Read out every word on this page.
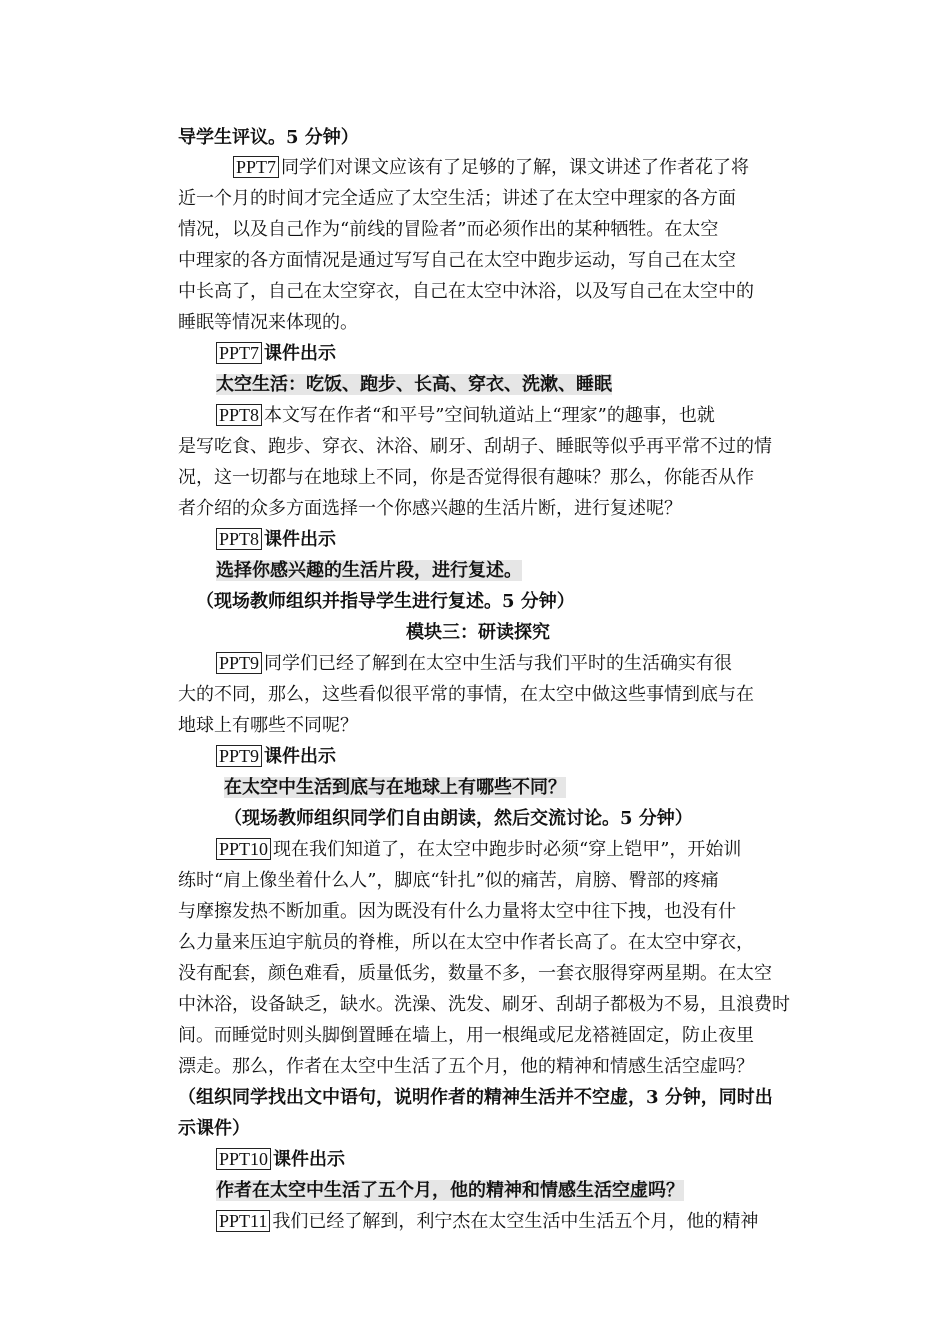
导学生评议。5 分钟）
PPT7 同学们对课文应该有了足够的了解，课文讲述了作者花了将
近一个月的时间才完全适应了太空生活；讲述了在太空中理家的各方面
情况，以及自己作为“前线的冒险者”而必须作出的某种牺牲。在太空
中理家的各方面情况是通过写写自己在太空中跑步运动，写自己在太空
中长高了，自己在太空穿衣，自己在太空中沐浴，以及写自己在太空中的
睡眠等情况来体现的。
PPT7 课件出示
太空生活：吃饭、跑步、长高、穿衣、洗漱、睡眠
PPT8 本文写在作者“和平号”空间轨道站上“理家”的趣事，也就
是写吃食、跑步、穿衣、沐浴、刷牙、刮胡子、睡眠等似乎再平常不过的情
况，这一切都与在地球上不同，你是否觉得很有趣味？那么，你能否从作
者介绍的众多方面选择一个你感兴趣的生活片断，进行复述呢？
PPT8 课件出示
选择你感兴趣的生活片段，进行复述。
（现场教师组织并指导学生进行复述。5 分钟）
模块三：研读探究
PPT9 同学们已经了解到在太空中生活与我们平时的生活确实有很
大的不同，那么，这些看似很平常的事情，在太空中做这些事情到底与在
地球上有哪些不同呢？
PPT9 课件出示
在太空中生活到底与在地球上有哪些不同？
（现场教师组织同学们自由朗读，然后交流讨论。5 分钟）
PPT10 现在我们知道了，在太空中跑步时必须“穿上铠甲”，开始训
练时“肩上像坐着什么人”，脚底“针扎”似的痛苦，肩膀、臀部的疼痛
与摩擦发热不断加重。因为既没有什么力量将太空中往下拽，也没有什
么力量来压迫宇航员的脊椎，所以在太空中作者长高了。在太空中穿衣，
没有配套，颜色难看，质量低劣，数量不多，一套衣服得穿两星期。在太空
中沐浴，设备缺乏，缺水。洗澡、洗发、刷牙、刮胡子都极为不易，且浪费时
间。而睡觉时则头脚倒置睡在墙上，用一根绳或尼龙褡裢固定，防止夜里
漂走。那么，作者在太空中生活了五个月，他的精神和情感生活空虚吗？
（组织同学找出文中语句，说明作者的精神生活并不空虚，3 分钟，同时出
示课件）
PPT10 课件出示
作者在太空中生活了五个月，他的精神和情感生活空虚吗？
PPT11 我们已经了解到，利宁杰在太空生活中生活五个月，他的精神
